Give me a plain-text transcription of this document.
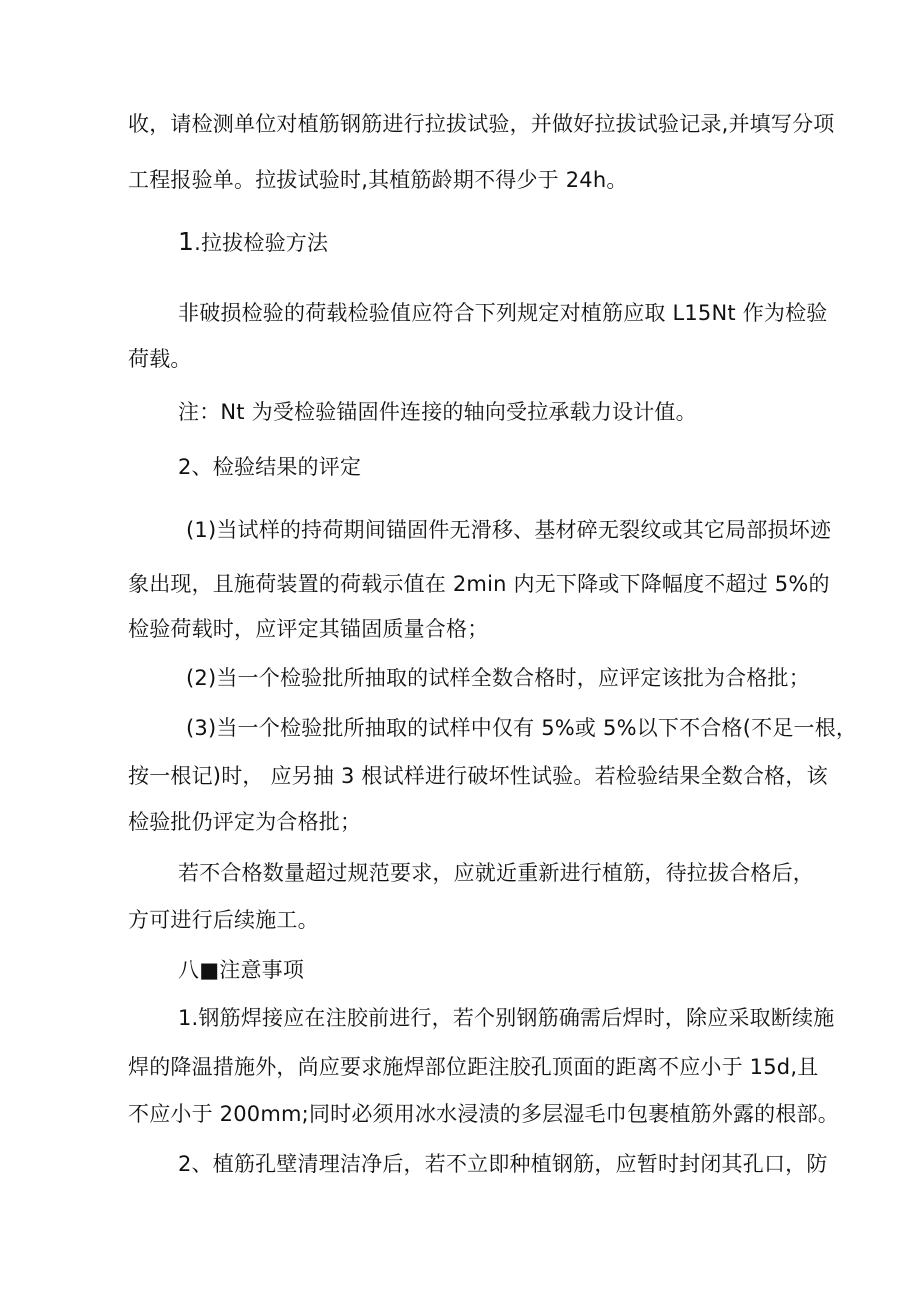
收，请检测单位对植筋钢筋进行拉拔试验，并做好拉拔试验记录,并填写分项
工程报验单。拉拔试验时,其植筋龄期不得少于 24h。
1.拉拔检验方法
非破损检验的荷载检验值应符合下列规定对植筋应取 L15Nt 作为检验
荷载。
注：Nt 为受检验锚固件连接的轴向受拉承载力设计值。
2、检验结果的评定
(1)当试样的持荷期间锚固件无滑移、基材碎无裂纹或其它局部损坏迹
象出现，且施荷装置的荷载示值在 2min 内无下降或下降幅度不超过 5%的
检验荷载时，应评定其锚固质量合格；
(2)当一个检验批所抽取的试样全数合格时，应评定该批为合格批；
(3)当一个检验批所抽取的试样中仅有 5%或 5%以下不合格(不足一根，
按一根记)时， 应另抽 3 根试样进行破坏性试验。若检验结果全数合格，该
检验批仍评定为合格批；
若不合格数量超过规范要求，应就近重新进行植筋，待拉拔合格后，
方可进行后续施工。
八■注意事项
1.钢筋焊接应在注胶前进行，若个别钢筋确需后焊时，除应采取断续施
焊的降温措施外，尚应要求施焊部位距注胶孔顶面的距离不应小于 15d,且
不应小于 200mm;同时必须用冰水浸渍的多层湿毛巾包裹植筋外露的根部。
2、植筋孔壁清理洁净后，若不立即种植钢筋，应暂时封闭其孔口，防
